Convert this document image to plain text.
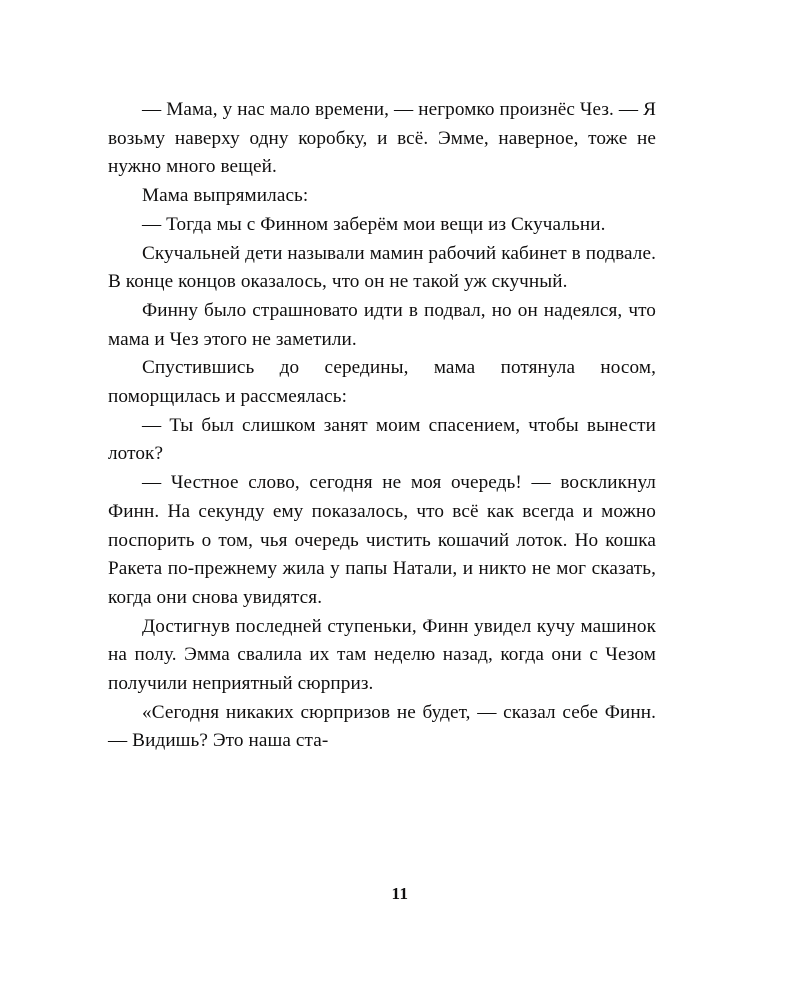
— Мама, у нас мало времени, — негромко произнёс Чез. — Я возьму наверху одну коробку, и всё. Эмме, наверное, тоже не нужно много вещей.

Мама выпрямилась:

— Тогда мы с Финном заберём мои вещи из Скучальни.

Скучальней дети называли мамин рабочий кабинет в подвале. В конце концов оказалось, что он не такой уж скучный.

Финну было страшновато идти в подвал, но он надеялся, что мама и Чез этого не заметили.

Спустившись до середины, мама потянула носом, поморщилась и рассмеялась:

— Ты был слишком занят моим спасением, чтобы вынести лоток?

— Честное слово, сегодня не моя очередь! — воскликнул Финн. На секунду ему показалось, что всё как всегда и можно поспорить о том, чья очередь чистить кошачий лоток. Но кошка Ракета по-прежнему жила у папы Натали, и никто не мог сказать, когда они снова увидятся.

Достигнув последней ступеньки, Финн увидел кучу машинок на полу. Эмма свалила их там неделю назад, когда они с Чезом получили неприятный сюрприз.

«Сегодня никаких сюрпризов не будет, — сказал себе Финн. — Видишь? Это наша ста-

11
